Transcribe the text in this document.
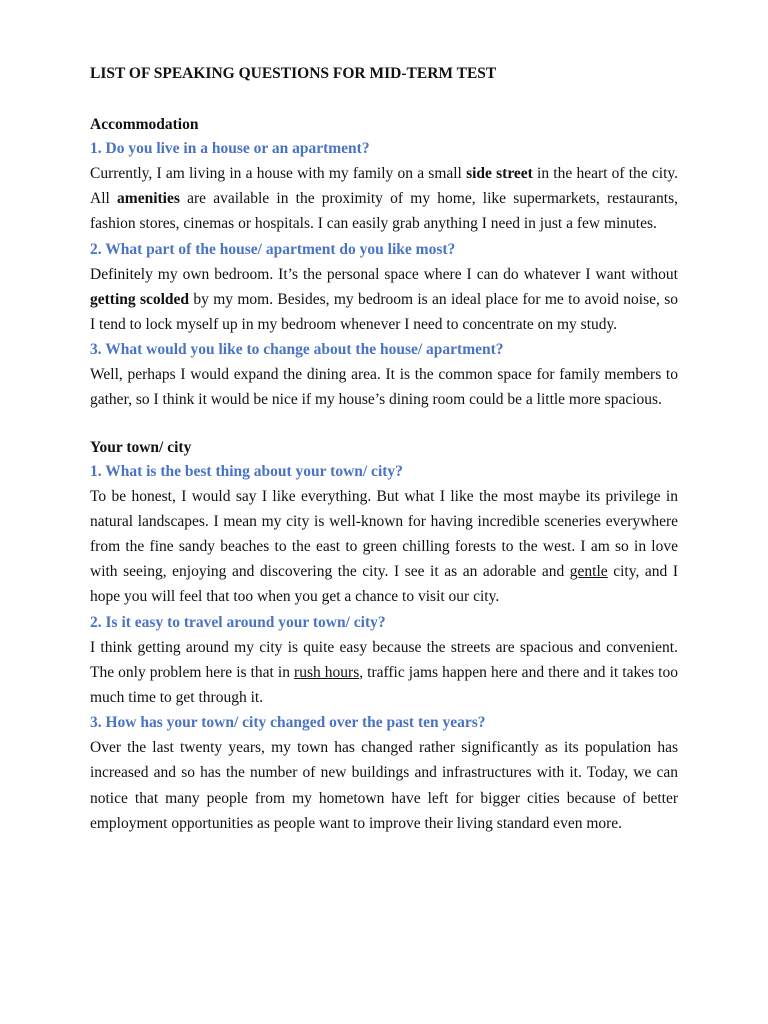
LIST OF SPEAKING QUESTIONS FOR MID-TERM TEST

Accommodation

1. Do you live in a house or an apartment?

Currently, I am living in a house with my family on a small side street in the heart of the city. All amenities are available in the proximity of my home, like supermarkets, restaurants, fashion stores, cinemas or hospitals. I can easily grab anything I need in just a few minutes.

2. What part of the house/ apartment do you like most?

Definitely my own bedroom. It’s the personal space where I can do whatever I want without getting scolded by my mom. Besides, my bedroom is an ideal place for me to avoid noise, so I tend to lock myself up in my bedroom whenever I need to concentrate on my study.

3. What would you like to change about the house/ apartment?

Well, perhaps I would expand the dining area. It is the common space for family members to gather, so I think it would be nice if my house’s dining room could be a little more spacious.

Your town/ city

1. What is the best thing about your town/ city?

To be honest, I would say I like everything. But what I like the most maybe its privilege in natural landscapes. I mean my city is well-known for having incredible sceneries everywhere from the fine sandy beaches to the east to green chilling forests to the west. I am so in love with seeing, enjoying and discovering the city. I see it as an adorable and gentle city, and I hope you will feel that too when you get a chance to visit our city.

2. Is it easy to travel around your town/ city?

I think getting around my city is quite easy because the streets are spacious and convenient. The only problem here is that in rush hours, traffic jams happen here and there and it takes too much time to get through it.

3. How has your town/ city changed over the past ten years?

Over the last twenty years, my town has changed rather significantly as its population has increased and so has the number of new buildings and infrastructures with it. Today, we can notice that many people from my hometown have left for bigger cities because of better employment opportunities as people want to improve their living standard even more.
